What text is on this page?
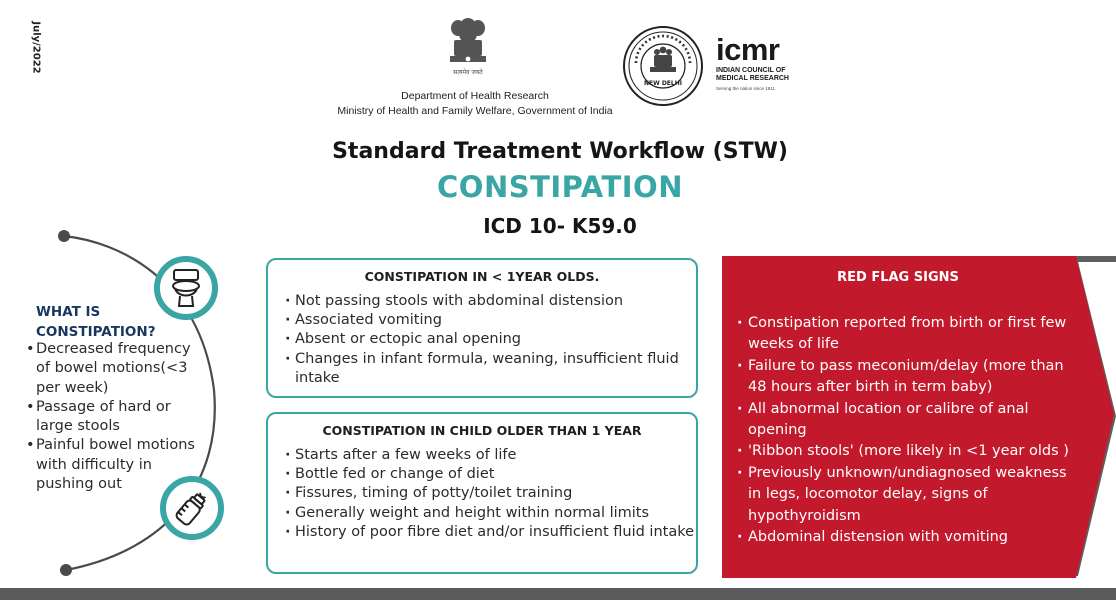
July/2022	सत्यमेव जयते
Department of Health Research
Ministry of Health and Family Welfare, Government of India
NEW DELHI
icmr
INDIAN COUNCIL OF
MEDICAL RESEARCH
Serving the nation since 1911
Standard Treatment Workflow (STW)
CONSTIPATION
ICD 10- K59.0
WHAT IS
CONSTIPATION?
• Decreased frequency of bowel motions(<3 per week)
• Passage of hard or large stools
• Painful bowel motions with difficulty in pushing out
CONSTIPATION IN < 1YEAR OLDS.
· Not passing stools with abdominal distension
· Associated vomiting
· Absent or ectopic anal opening
· Changes in infant formula, weaning, insufficient fluid intake
CONSTIPATION IN CHILD OLDER THAN 1 YEAR
· Starts after a few weeks of life
· Bottle fed or change of diet
· Fissures, timing of potty/toilet training
· Generally weight and height within normal limits
· History of poor fibre diet and/or insufficient fluid intake
RED FLAG SIGNS
· Constipation reported from birth or first few weeks of life
· Failure to pass meconium/delay (more than 48 hours after birth in term baby)
· All abnormal location or calibre of anal opening
· 'Ribbon stools' (more likely in <1 year olds )
· Previously unknown/undiagnosed weakness in legs, locomotor delay, signs of hypothyroidism
· Abdominal distension with vomiting
